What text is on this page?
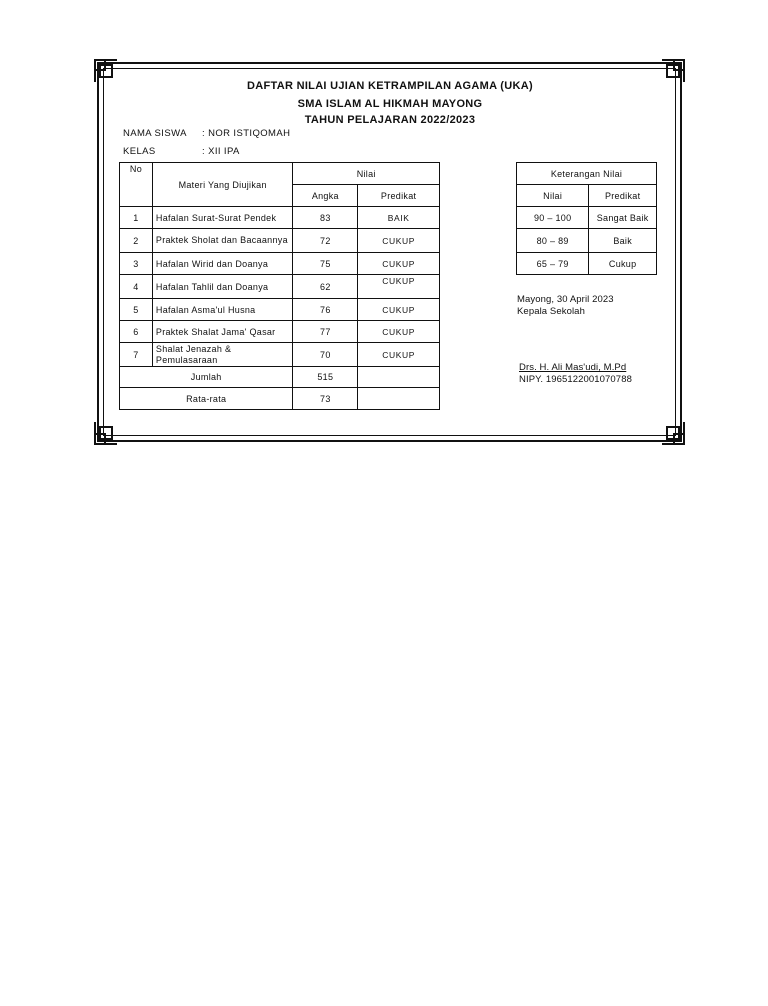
DAFTAR NILAI UJIAN KETRAMPILAN AGAMA (UKA)
SMA ISLAM AL HIKMAH MAYONG
TAHUN PELAJARAN 2022/2023
NAMA SISWA : NOR ISTIQOMAH
KELAS	: XII IPA
No	Materi Yang Diujikan	Nilai	
		Angka	Predikat
1	Hafalan Surat-Surat Pendek	83	BAIK
2	Praktek Sholat dan Bacaannya	72	CUKUP
3	Hafalan Wirid dan Doanya	75	CUKUP
4	Hafalan Tahlil dan Doanya	62	CUKUP
5	Hafalan Asma'ul Husna	76	CUKUP
6	Praktek Shalat Jama' Qasar	77	CUKUP
7	Shalat Jenazah & Pemulasaraan	70	CUKUP
Jumlah		515	
Rata-rata		73	
Keterangan Nilai	
Nilai	Predikat
90 – 100	Sangat Baik
80 – 89	Baik
65 – 79	Cukup
Mayong, 30 April 2023
Kepala Sekolah
Drs. H. Ali Mas'udi, M.Pd
NIPY. 1965122001070788
